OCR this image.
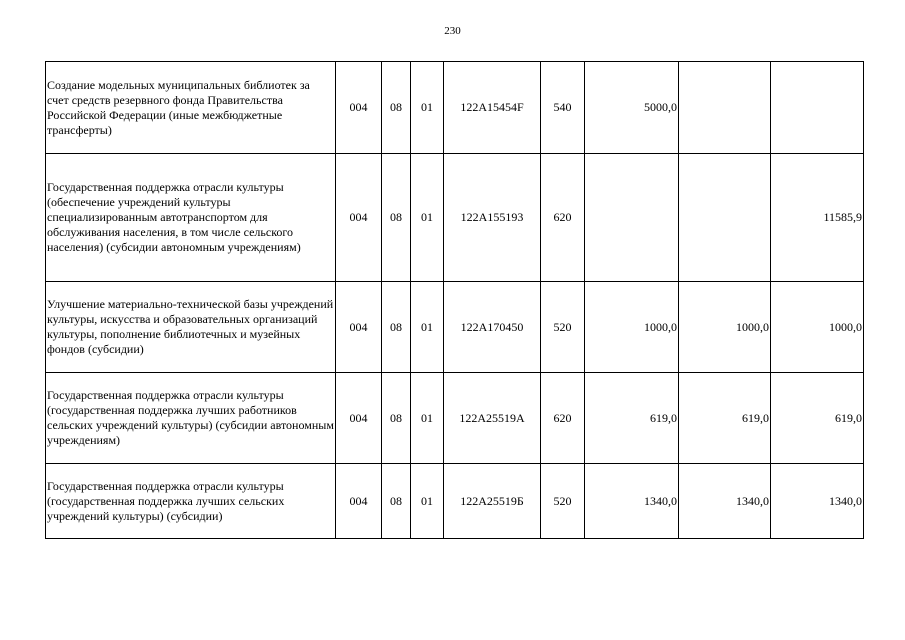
230
Создание модельных муниципальных библиотек за счет средств резервного фонда Правительства Российской Федерации (иные межбюджетные трансферты)	004	08	01	122A15454F	540	5000,0		
Государственная поддержка отрасли культуры (обеспечение учреждений культуры специализированным автотранспортом для обслуживания населения, в том числе сельского населения) (субсидии автономным учреждениям)	004	08	01	122A155193	620			11585,9
Улучшение материально-технической базы учреждений культуры, искусства и образовательных организаций культуры, пополнение библиотечных и музейных фондов (субсидии)	004	08	01	122A170450	520	1000,0	1000,0	1000,0
Государственная поддержка отрасли культуры (государственная поддержка лучших работников сельских учреждений культуры) (субсидии автономным учреждениям)	004	08	01	122A25519A	620	619,0	619,0	619,0
Государственная поддержка отрасли культуры (государственная поддержка лучших сельских учреждений культуры) (субсидии)	004	08	01	122A25519Б	520	1340,0	1340,0	1340,0
